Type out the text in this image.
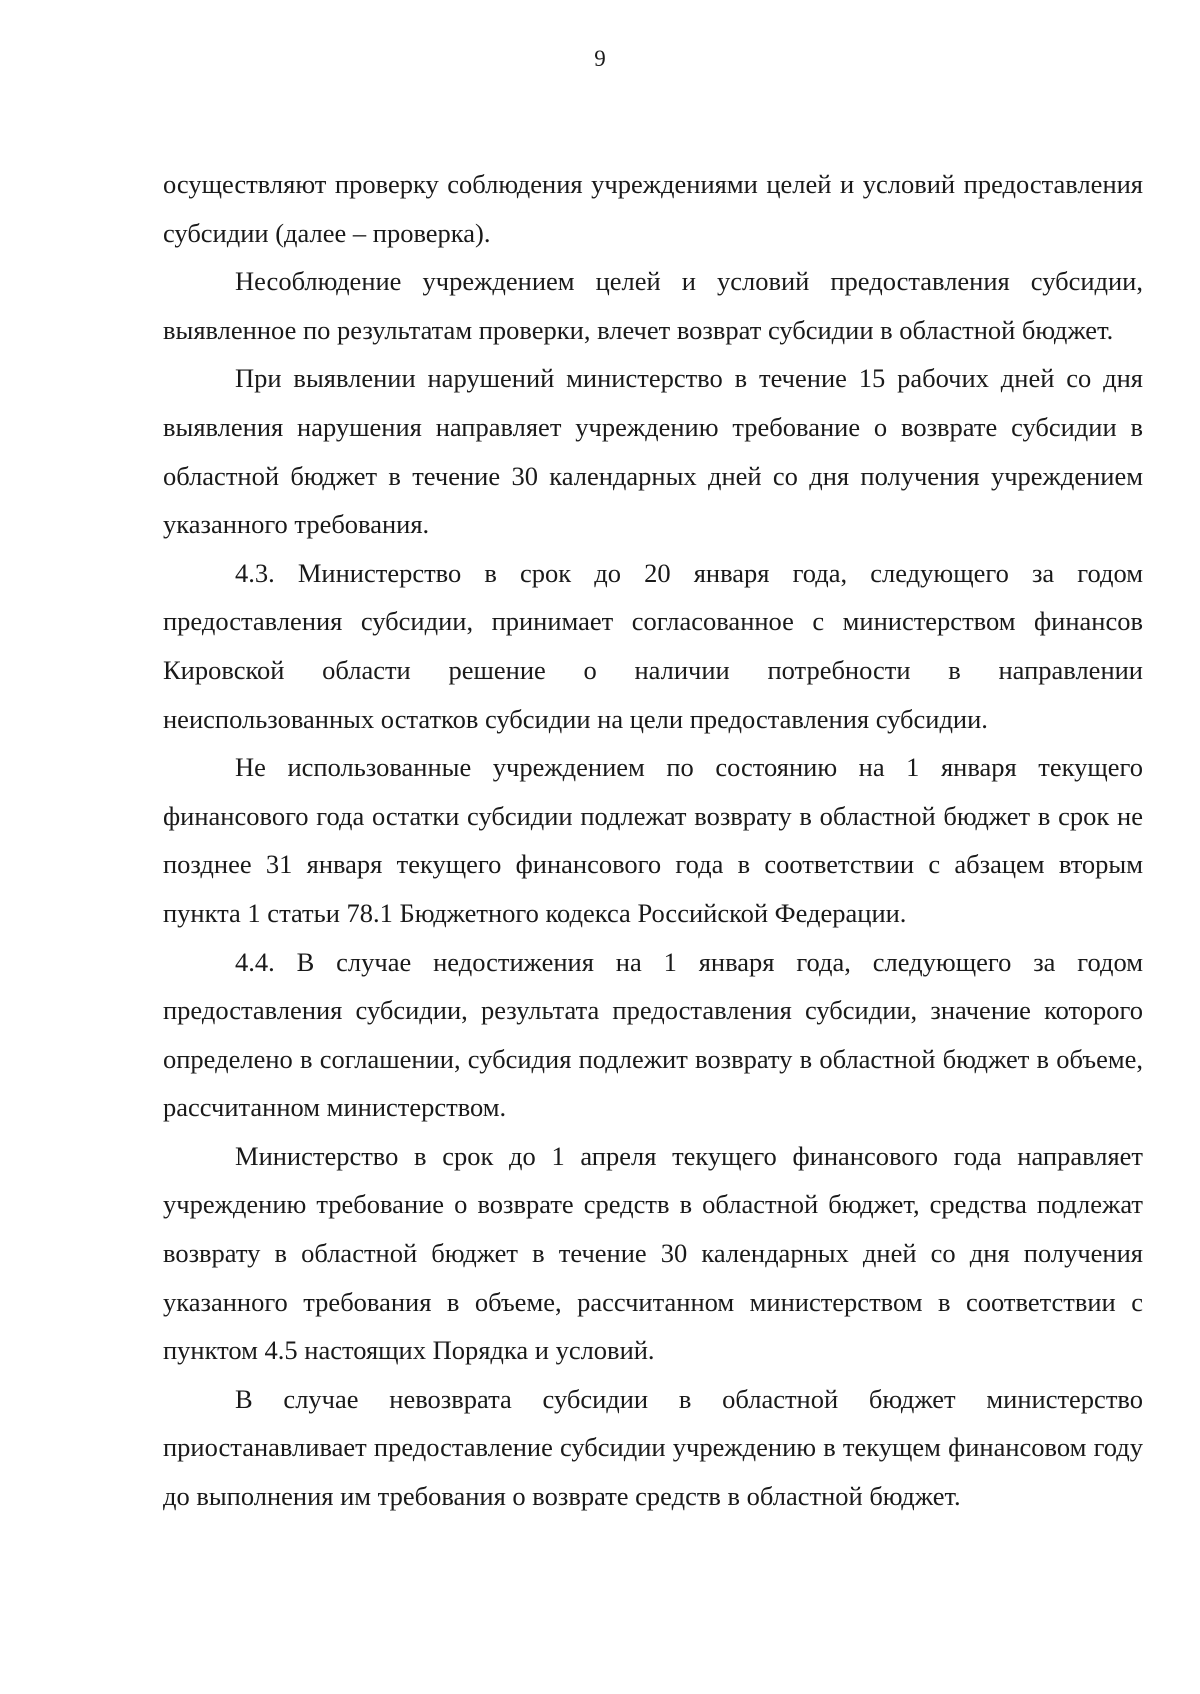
9

осуществляют проверку соблюдения учреждениями целей и условий предоставления субсидии (далее – проверка).

Несоблюдение учреждением целей и условий предоставления субсидии, выявленное по результатам проверки, влечет возврат субсидии в областной бюджет.

При выявлении нарушений министерство в течение 15 рабочих дней со дня выявления нарушения направляет учреждению требование о возврате субсидии в областной бюджет в течение 30 календарных дней со дня получения учреждением указанного требования.

4.3. Министерство в срок до 20 января года, следующего за годом предоставления субсидии, принимает согласованное с министерством финансов Кировской области решение о наличии потребности в направлении неиспользованных остатков субсидии на цели предоставления субсидии.

Не использованные учреждением по состоянию на 1 января текущего финансового года остатки субсидии подлежат возврату в областной бюджет в срок не позднее 31 января текущего финансового года в соответствии с абзацем вторым пункта 1 статьи 78.1 Бюджетного кодекса Российской Федерации.

4.4. В случае недостижения на 1 января года, следующего за годом предоставления субсидии, результата предоставления субсидии, значение которого определено в соглашении, субсидия подлежит возврату в областной бюджет в объеме, рассчитанном министерством.

Министерство в срок до 1 апреля текущего финансового года направляет учреждению требование о возврате средств в областной бюджет, средства подлежат возврату в областной бюджет в течение 30 календарных дней со дня получения указанного требования в объеме, рассчитанном министерством в соответствии с пунктом 4.5 настоящих Порядка и условий.

В случае невозврата субсидии в областной бюджет министерство приостанавливает предоставление субсидии учреждению в текущем финансовом году до выполнения им требования о возврате средств в областной бюджет.
